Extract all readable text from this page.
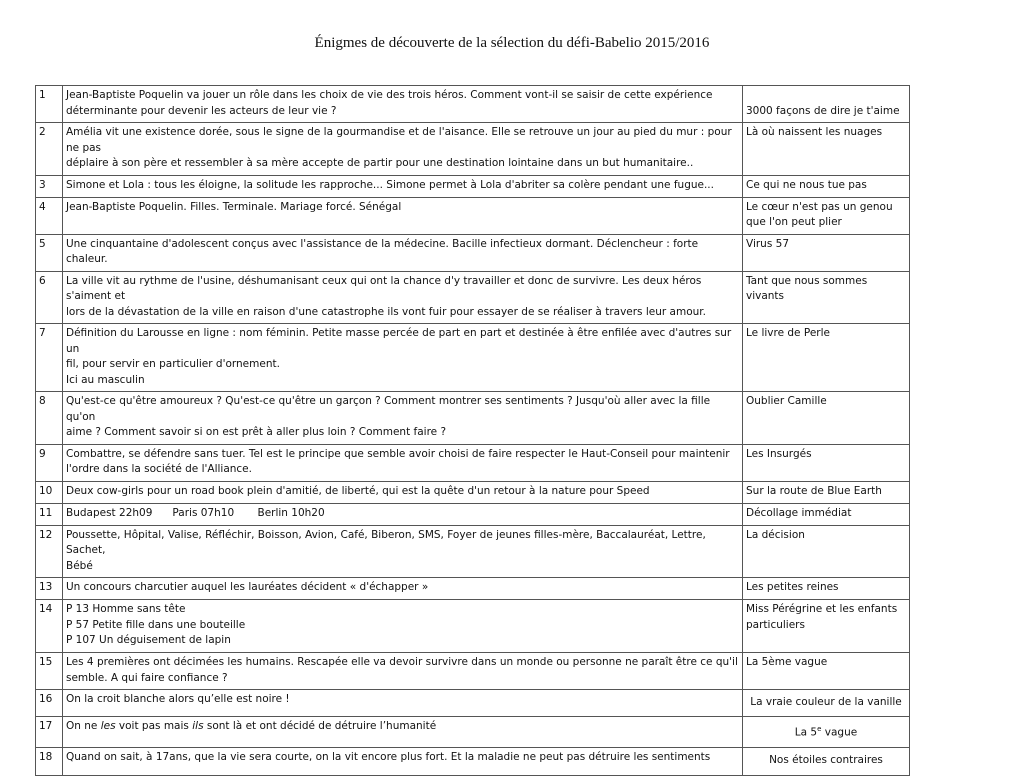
Énigmes de découverte de la sélection du défi-Babelio 2015/2016
1	Jean-Baptiste Poquelin va jouer un rôle dans les choix de vie des trois héros. Comment vont-il se saisir de cette expérience
déterminante pour devenir les acteurs de leur vie ?	3000 façons de dire je t'aime
2	Amélia vit une existence dorée, sous le signe de la gourmandise et de l'aisance. Elle se retrouve un jour au pied du mur : pour ne pas
déplaire à son père et ressembler à sa mère accepte de partir pour une destination lointaine dans un but humanitaire..	Là où naissent les nuages
3	Simone et Lola : tous les éloigne, la solitude les rapproche... Simone permet à Lola d'abriter sa colère pendant une fugue...	Ce qui ne nous tue pas
4	Jean-Baptiste Poquelin. Filles. Terminale. Mariage forcé. Sénégal	Le cœur n'est pas un genou que l'on peut plier
5	Une cinquantaine d'adolescent conçus avec l'assistance de la médecine. Bacille infectieux dormant. Déclencheur : forte chaleur.	Virus 57
6	La ville vit au rythme de l'usine, déshumanisant ceux qui ont la chance d'y travailler et donc de survivre. Les deux héros s'aiment et
lors de la dévastation de la ville en raison d'une catastrophe ils vont fuir pour essayer de se réaliser à travers leur amour.	Tant que nous sommes vivants
7	Définition du Larousse en ligne : nom féminin. Petite masse percée de part en part et destinée à être enfilée avec d'autres sur un
fil, pour servir en particulier d'ornement.
Ici au masculin	Le livre de Perle
8	Qu'est-ce qu'être amoureux ? Qu'est-ce qu'être un garçon ? Comment montrer ses sentiments ? Jusqu'où aller avec la fille qu'on
aime ? Comment savoir si on est prêt à aller plus loin ? Comment faire ?	Oublier Camille
9	Combattre, se défendre sans tuer. Tel est le principe que semble avoir choisi de faire respecter le Haut-Conseil pour maintenir
l'ordre dans la société de l'Alliance.	Les Insurgés
10	Deux cow-girls pour un road book plein d'amitié, de liberté, qui est la quête d'un retour à la nature pour Speed	Sur la route de Blue Earth
11	Budapest 22h09      Paris 07h10       Berlin 10h20	Décollage immédiat
12	Poussette, Hôpital, Valise, Réfléchir, Boisson, Avion, Café, Biberon, SMS, Foyer de jeunes filles-mère, Baccalauréat, Lettre, Sachet,
Bébé	La décision
13	Un concours charcutier auquel les lauréates décident « d'échapper »	Les petites reines
14	P 13 Homme sans tête
P 57 Petite fille dans une bouteille
P 107 Un déguisement de lapin	Miss Pérégrine et les enfants particuliers
15	Les 4 premières ont décimées les humains. Rescapée elle va devoir survivre dans un monde ou personne ne paraît être ce qu'il
semble. A qui faire confiance ?	La 5ème vague
16	On la croit blanche alors qu’elle est noire !	La vraie couleur de la vanille
17	On ne les voit pas mais ils sont là et ont décidé de détruire l’humanité	La 5e vague
18	Quand on sait, à 17ans, que la vie sera courte, on la vit encore plus fort. Et la maladie ne peut pas détruire les sentiments	Nos étoiles contraires
